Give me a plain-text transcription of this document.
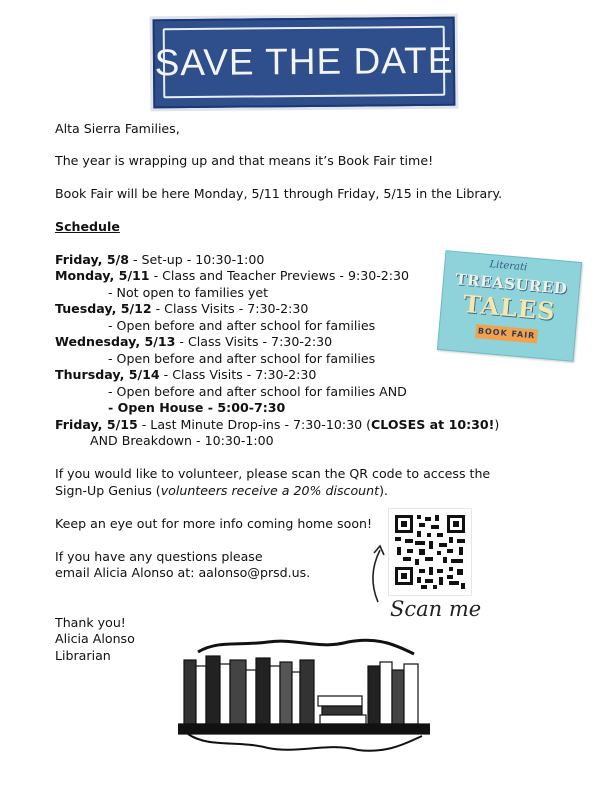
SAVE THE DATE
Alta Sierra Families,
The year is wrapping up and that means it’s Book Fair time!
Book Fair will be here Monday, 5/11 through Friday, 5/15 in the Library.
Schedule
Friday, 5/8 - Set-up - 10:30-1:00
Monday, 5/11 - Class and Teacher Previews - 9:30-2:30
- Not open to families yet
Tuesday, 5/12 - Class Visits - 7:30-2:30
- Open before and after school for families
Wednesday, 5/13 - Class Visits - 7:30-2:30
- Open before and after school for families
Thursday, 5/14 - Class Visits - 7:30-2:30
- Open before and after school for families AND
- Open House - 5:00-7:30
Friday, 5/15 - Last Minute Drop-ins - 7:30-10:30 (CLOSES at 10:30!)
AND Breakdown - 10:30-1:00
If you would like to volunteer, please scan the QR code to access the
Sign-Up Genius (volunteers receive a 20% discount).
Keep an eye out for more info coming home soon!
If you have any questions please
email Alicia Alonso at: aalonso@prsd.us.
Thank you!
Alicia Alonso
Librarian
Literati
TREASURED
TALES
BOOK FAIR
Scan me
